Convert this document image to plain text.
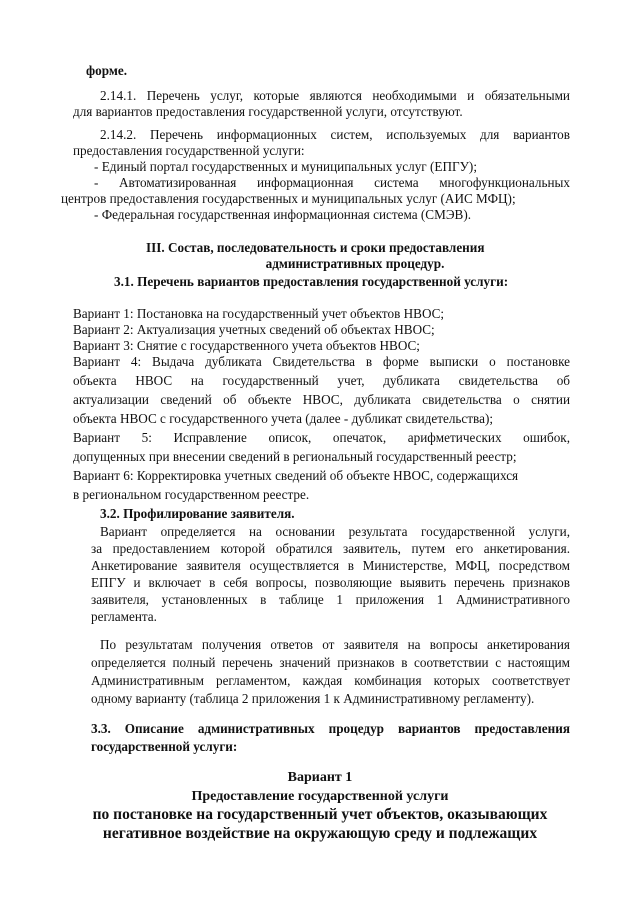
форме.
2.14.1. Перечень услуг, которые являются необходимыми и обязательными
для вариантов предоставления государственной услуги, отсутствуют.
2.14.2. Перечень информационных систем, используемых для вариантов
предоставления государственной услуги:
- Единый портал государственных и муниципальных услуг (ЕПГУ);
- Автоматизированная информационная система многофункциональных
центров предоставления государственных и муниципальных услуг (АИС МФЦ);
- Федеральная государственная информационная система (СМЭВ).
III. Состав, последовательность и сроки предоставления
административных процедур.
3.1. Перечень вариантов предоставления государственной услуги:
Вариант 1: Постановка на государственный учет объектов НВОС;
Вариант 2: Актуализация учетных сведений об объектах НВОС;
Вариант 3: Снятие с государственного учета объектов НВОС;
Вариант 4: Выдача дубликата Свидетельства в форме выписки о постановке
объекта НВОС на государственный учет, дубликата свидетельства об
актуализации сведений об объекте НВОС, дубликата свидетельства о снятии
объекта НВОС с государственного учета (далее - дубликат свидетельства);
Вариант 5: Исправление описок, опечаток, арифметических ошибок,
допущенных при внесении сведений в региональный государственный реестр;
Вариант 6: Корректировка учетных сведений об объекте НВОС, содержащихся
в региональном государственном реестре.
3.2. Профилирование заявителя.
Вариант определяется на основании результата государственной услуги,
за предоставлением которой обратился заявитель, путем его анкетирования.
Анкетирование заявителя осуществляется в Министерстве, МФЦ, посредством
ЕПГУ и включает в себя вопросы, позволяющие выявить перечень признаков
заявителя, установленных в таблице 1 приложения 1 Административного
регламента.
По результатам получения ответов от заявителя на вопросы анкетирования
определяется полный перечень значений признаков в соответствии с настоящим
Административным регламентом, каждая комбинация которых соответствует
одному варианту (таблица 2 приложения 1 к Административному регламенту).
3.3. Описание административных процедур вариантов предоставления
государственной услуги:
Вариант 1
Предоставление государственной услуги
по постановке на государственный учет объектов, оказывающих
негативное воздействие на окружающую среду и подлежащих
